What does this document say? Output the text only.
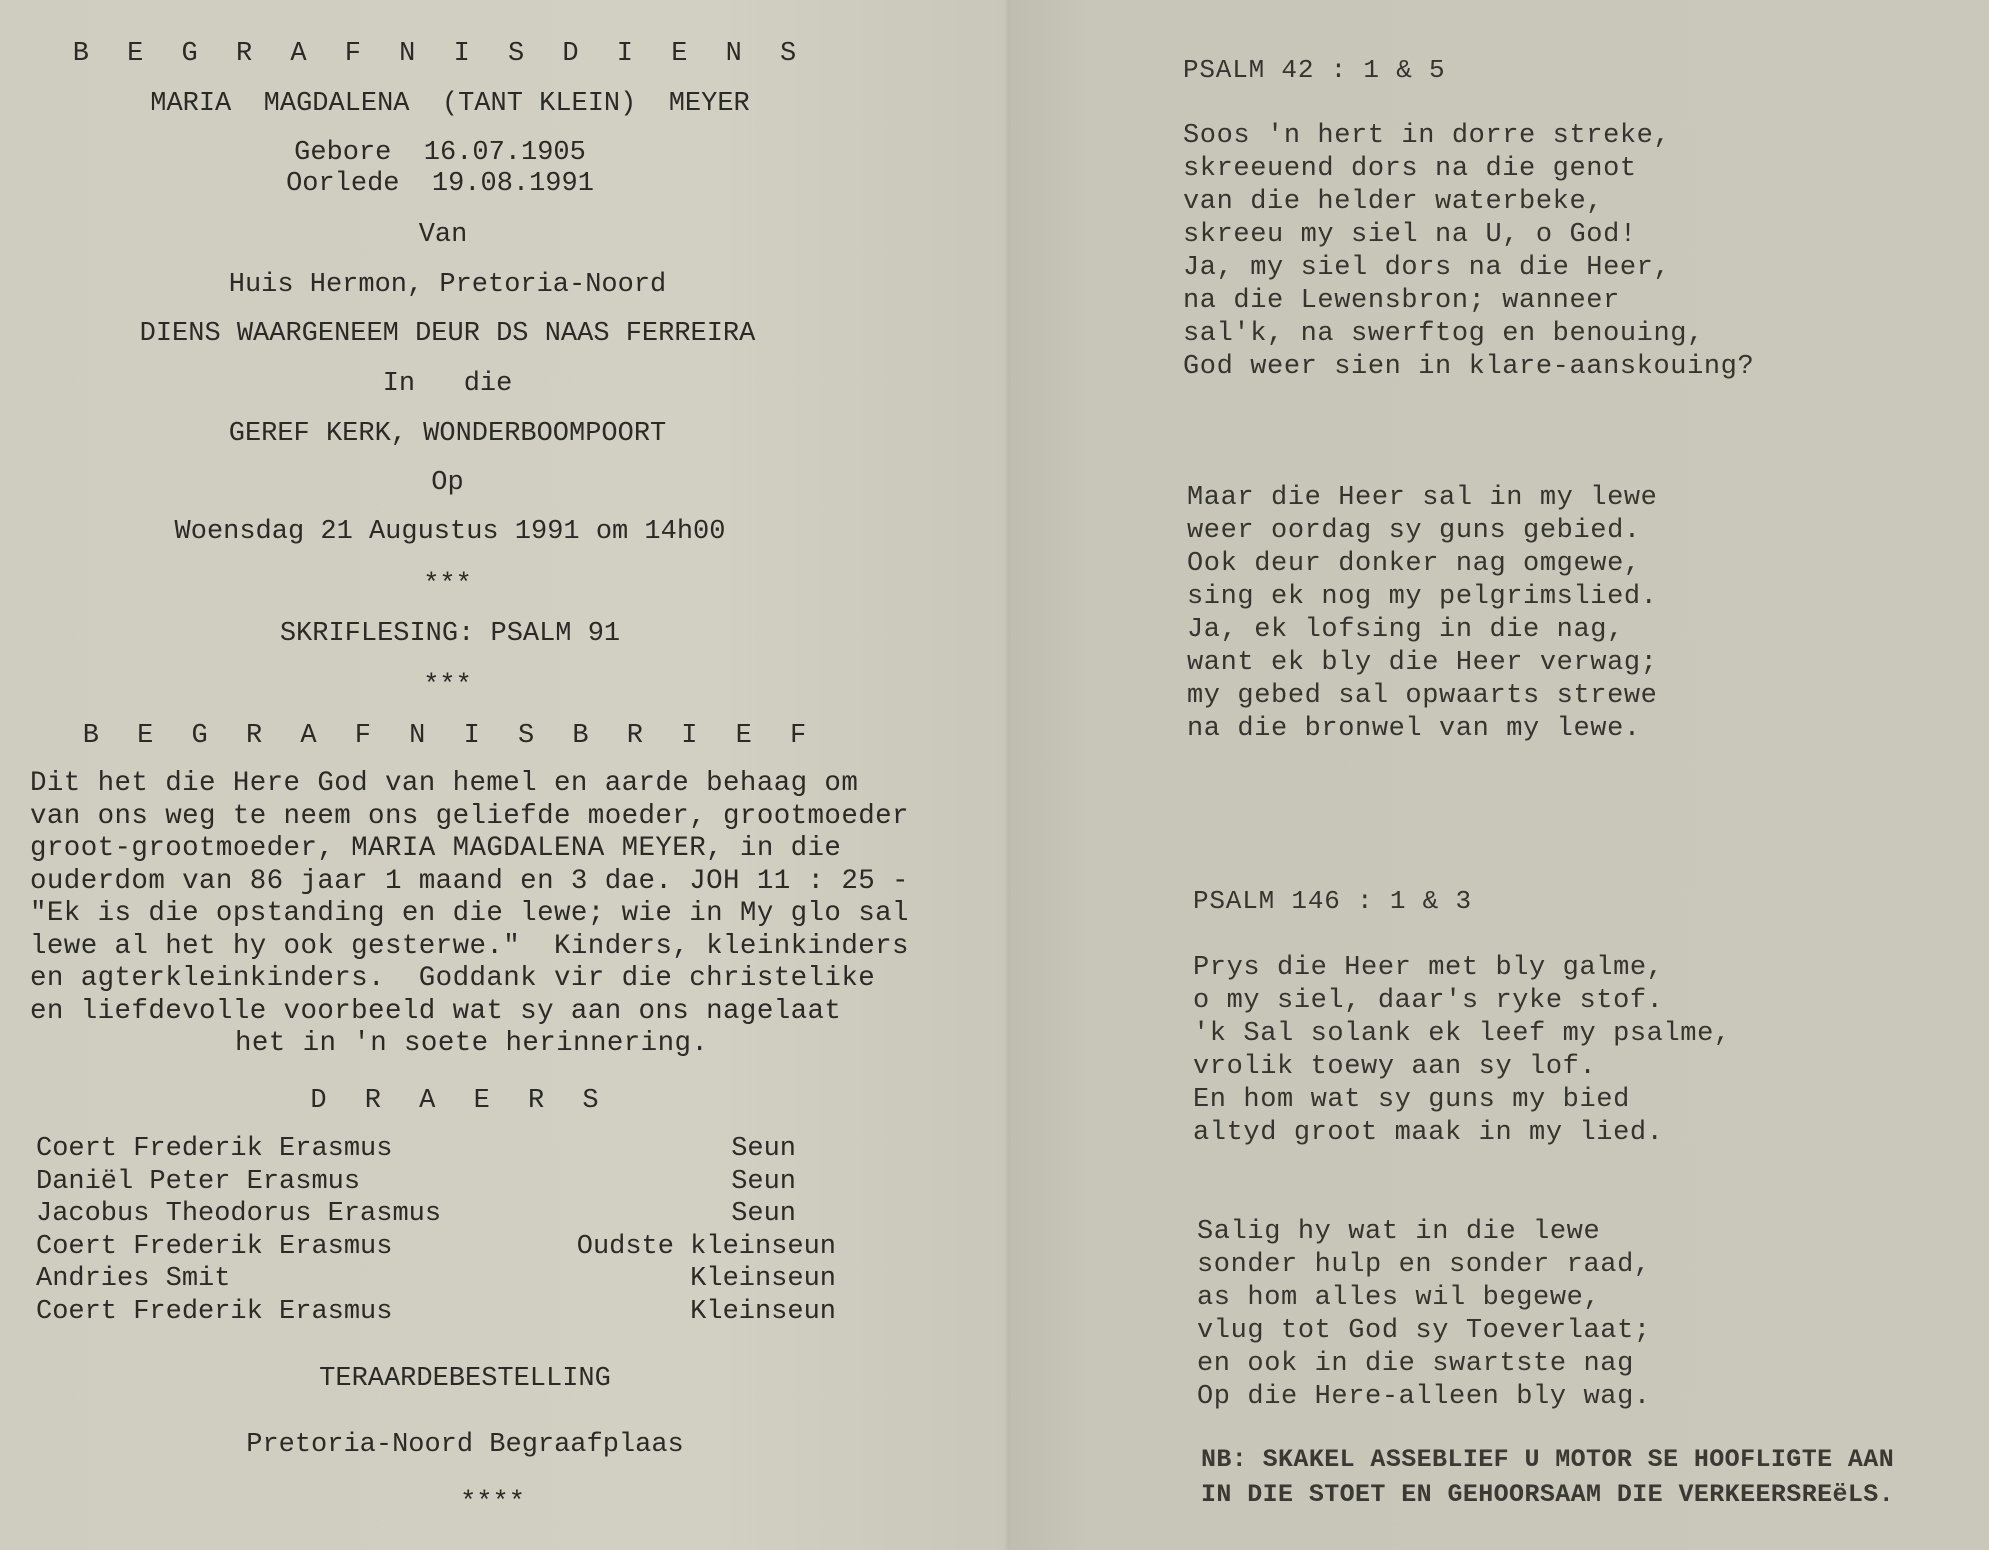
B E G R A F N I S D I E N S
MARIA  MAGDALENA  (TANT KLEIN)  MEYER
Gebore  16.07.1905
Oorlede  19.08.1991
Van
Huis Hermon, Pretoria-Noord
DIENS WAARGENEEM DEUR DS NAAS FERREIRA
In   die
GEREF KERK, WONDERBOOMPOORT
Op
Woensdag 21 Augustus 1991 om 14h00
***
SKRIFLESING: PSALM 91
***
B E G R A F N I S B R I E F
Dit het die Here God van hemel en aarde behaag om
van ons weg te neem ons geliefde moeder, grootmoeder
groot-grootmoeder, MARIA MAGDALENA MEYER, in die
ouderdom van 86 jaar 1 maand en 3 dae. JOH 11 : 25 -
"Ek is die opstanding en die lewe; wie in My glo sal
lewe al het hy ook gesterwe."  Kinders, kleinkinders
en agterkleinkinders.  Goddank vir die christelike
en liefdevolle voorbeeld wat sy aan ons nagelaat
het in 'n soete herinnering.
D R A E R S
Coert Frederik Erasmus	Seun
Daniël Peter Erasmus	Seun
Jacobus Theodorus Erasmus	Seun
Coert Frederik Erasmus	Oudste kleinseun
Andries Smit	Kleinseun
Coert Frederik Erasmus	Kleinseun
TERAARDEBESTELLING
Pretoria-Noord Begraafplaas
****
PSALM 42 : 1 & 5
Soos 'n hert in dorre streke,
skreeuend dors na die genot
van die helder waterbeke,
skreeu my siel na U, o God!
Ja, my siel dors na die Heer,
na die Lewensbron; wanneer
sal'k, na swerftog en benouing,
God weer sien in klare-aanskouing?
Maar die Heer sal in my lewe
weer oordag sy guns gebied.
Ook deur donker nag omgewe,
sing ek nog my pelgrimslied.
Ja, ek lofsing in die nag,
want ek bly die Heer verwag;
my gebed sal opwaarts strewe
na die bronwel van my lewe.
PSALM 146 : 1 & 3
Prys die Heer met bly galme,
o my siel, daar's ryke stof.
'k Sal solank ek leef my psalme,
vrolik toewy aan sy lof.
En hom wat sy guns my bied
altyd groot maak in my lied.
Salig hy wat in die lewe
sonder hulp en sonder raad,
as hom alles wil begewe,
vlug tot God sy Toeverlaat;
en ook in die swartste nag
Op die Here-alleen bly wag.
NB: SKAKEL ASSEBLIEF U MOTOR SE HOOFLIGTE AAN
IN DIE STOET EN GEHOORSAAM DIE VERKEERSREëLS.
